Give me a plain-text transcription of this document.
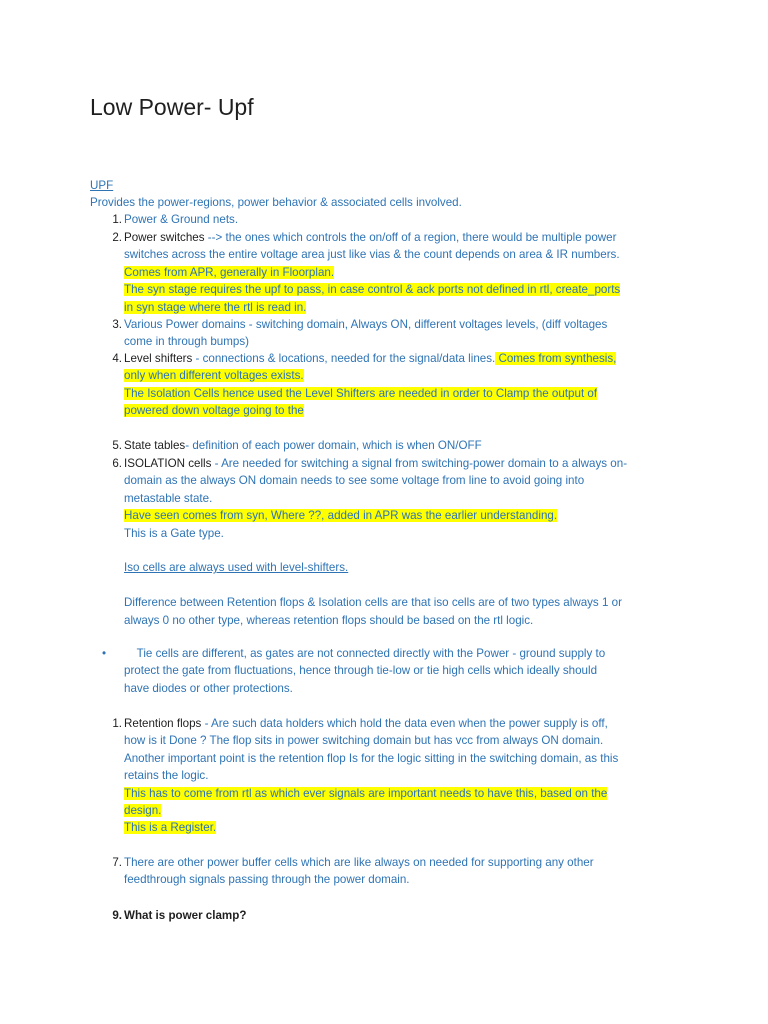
Low Power- Upf
UPF
Provides the power-regions, power behavior & associated cells involved.
1. Power & Ground nets.
2. Power switches --> the ones which controls the on/off of a region, there would be multiple power
switches across the entire voltage area just like vias & the count depends on area & IR numbers.
Comes from APR, generally in Floorplan.
The syn stage requires the upf to pass, in case control & ack ports not defined in rtl, create_ports
in syn stage where the rtl is read in.
3. Various Power domains - switching domain, Always ON, different voltages levels, (diff voltages
come in through bumps)
4. Level shifters - connections & locations, needed for the signal/data lines. Comes from synthesis,
only when different voltages exists.
The Isolation Cells hence used the Level Shifters are needed in order to Clamp the output of
powered down voltage going to the
5. State tables- definition of each power domain, which is when ON/OFF
6. ISOLATION cells - Are needed for switching a signal from switching-power domain to a always on-
domain as the always ON domain needs to see some voltage from line to avoid going into
metastable state.
Have seen comes from syn, Where ??, added in APR was the earlier understanding.
This is a Gate type.

Iso cells are always used with level-shifters.

Difference between Retention flops & Isolation cells are that iso cells are of two types always 1 or
always 0 no other type, whereas retention flops should be based on the rtl logic.
•	Tie cells are different, as gates are not connected directly with the Power - ground supply to
protect the gate from fluctuations, hence through tie-low or tie high cells which ideally should
have diodes or other protections.
1. Retention flops - Are such data holders which hold the data even when the power supply is off,
how is it Done ? The flop sits in power switching domain but has vcc from always ON domain.
Another important point is the retention flop Is for the logic sitting in the switching domain, as this
retains the logic.
This has to come from rtl as which ever signals are important needs to have this, based on the
design.
This is a Register.
7. There are other power buffer cells which are like always on needed for supporting any other
feedthrough signals passing through the power domain.
9. What is power clamp?
